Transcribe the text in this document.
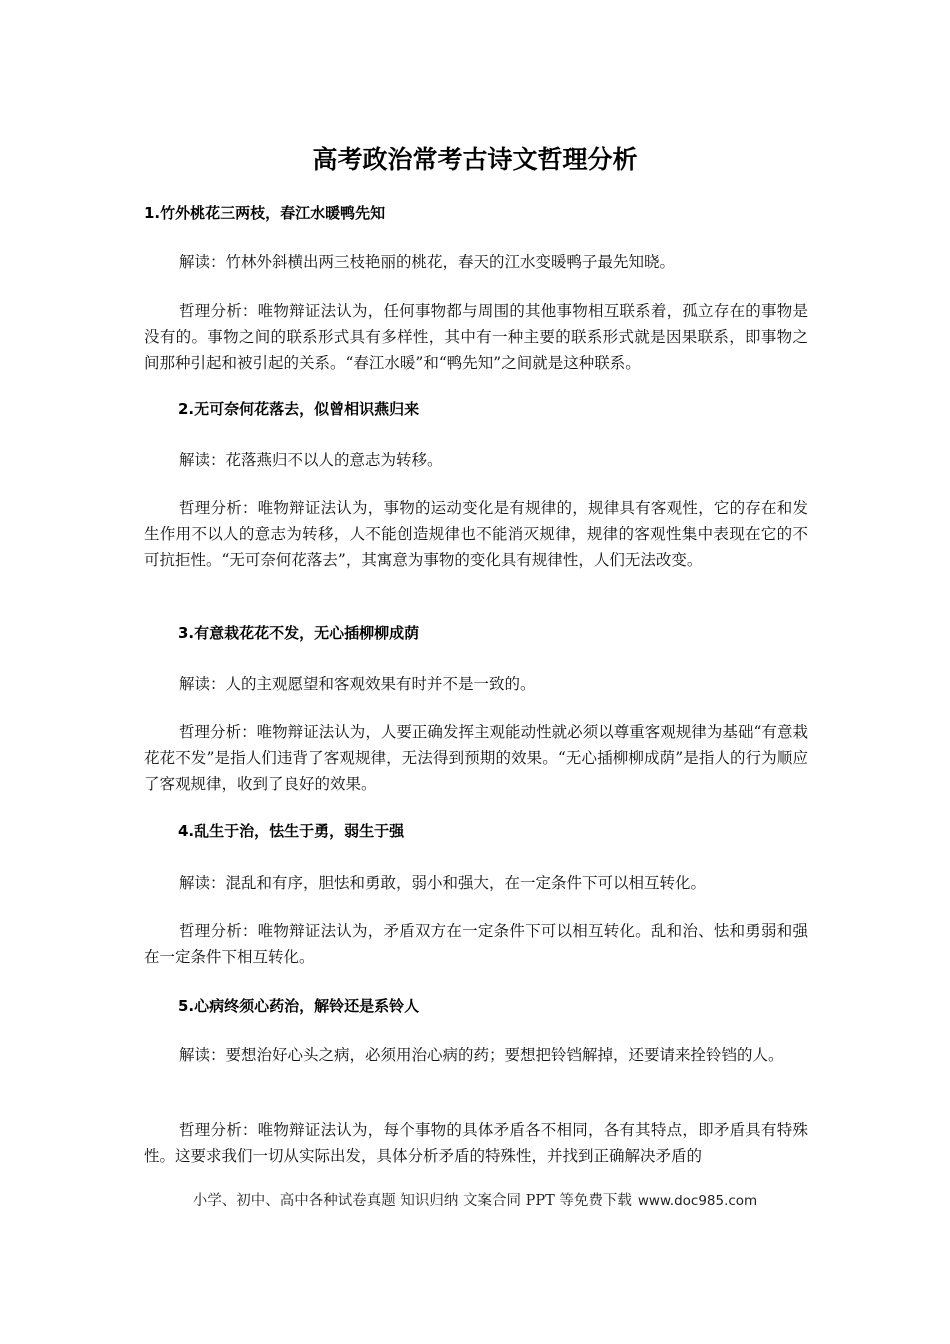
高考政治常考古诗文哲理分析
1.竹外桃花三两枝，春江水暖鸭先知
解读：竹林外斜横出两三枝艳丽的桃花，春天的江水变暖鸭子最先知晓。
哲理分析：唯物辩证法认为，任何事物都与周围的其他事物相互联系着，孤立存在的事物是没有的。事物之间的联系形式具有多样性，其中有一种主要的联系形式就是因果联系，即事物之间那种引起和被引起的关系。“春江水暖”和“鸭先知”之间就是这种联系。
2.无可奈何花落去，似曾相识燕归来
解读：花落燕归不以人的意志为转移。
哲理分析：唯物辩证法认为，事物的运动变化是有规律的，规律具有客观性，它的存在和发生作用不以人的意志为转移，人不能创造规律也不能消灭规律，规律的客观性集中表现在它的不可抗拒性。“无可奈何花落去”，其寓意为事物的变化具有规律性，人们无法改变。
3.有意栽花花不发，无心插柳柳成荫
解读：人的主观愿望和客观效果有时并不是一致的。
哲理分析：唯物辩证法认为，人要正确发挥主观能动性就必须以尊重客观规律为基础“有意栽花花不发”是指人们违背了客观规律，无法得到预期的效果。“无心插柳柳成荫”是指人的行为顺应了客观规律，收到了良好的效果。
4.乱生于治，怯生于勇，弱生于强
解读：混乱和有序，胆怯和勇敢，弱小和强大，在一定条件下可以相互转化。
哲理分析：唯物辩证法认为，矛盾双方在一定条件下可以相互转化。乱和治、怯和勇弱和强在一定条件下相互转化。
5.心病终须心药治，解铃还是系铃人
解读：要想治好心头之病，必须用治心病的药；要想把铃铛解掉，还要请来拴铃铛的人。
哲理分析：唯物辩证法认为，每个事物的具体矛盾各不相同，各有其特点，即矛盾具有特殊性。这要求我们一切从实际出发，具体分析矛盾的特殊性，并找到正确解决矛盾的
小学、初中、高中各种试卷真题 知识归纳 文案合同 PPT 等免费下载 www.doc985.com
